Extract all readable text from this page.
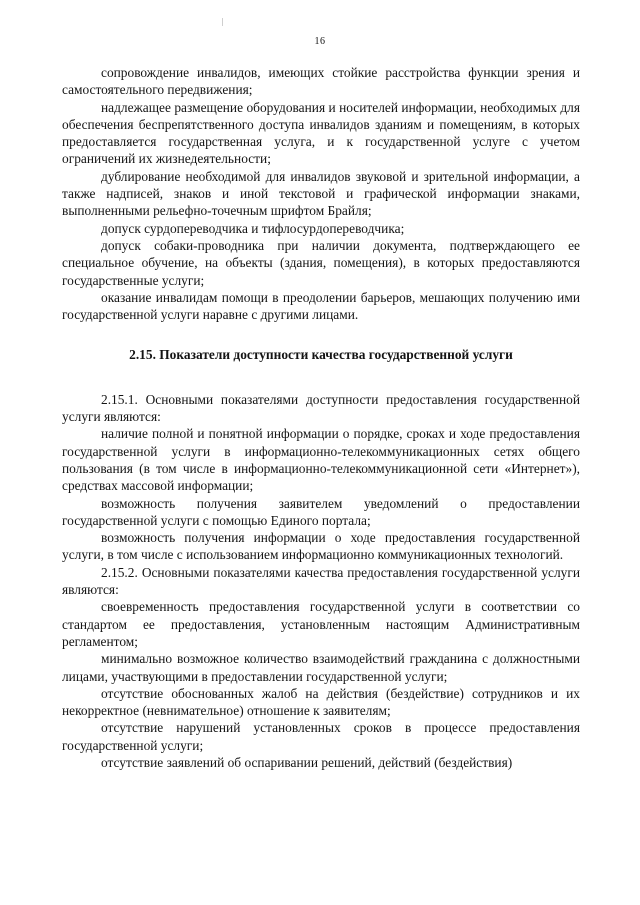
16

сопровождение инвалидов, имеющих стойкие расстройства функции зрения и самостоятельного передвижения;

надлежащее размещение оборудования и носителей информации, необходимых для обеспечения беспрепятственного доступа инвалидов зданиям и помещениям, в которых предоставляется государственная услуга, и к государственной услуге с учетом ограничений их жизнедеятельности;

дублирование необходимой для инвалидов звуковой и зрительной информации, а также надписей, знаков и иной текстовой и графической информации знаками, выполненными рельефно-точечным шрифтом Брайля;

допуск сурдопереводчика и тифлосурдопереводчика;

допуск собаки-проводника при наличии документа, подтверждающего ее специальное обучение, на объекты (здания, помещения), в которых предоставляются государственные услуги;

оказание инвалидам помощи в преодолении барьеров, мешающих получению ими государственной услуги наравне с другими лицами.

2.15. Показатели доступности качества государственной услуги

2.15.1. Основными показателями доступности предоставления государственной услуги являются:

наличие полной и понятной информации о порядке, сроках и ходе предоставления государственной услуги в информационно-телекоммуникационных сетях общего пользования (в том числе в информационно-телекоммуникационной сети «Интернет»), средствах массовой информации;

возможность получения заявителем уведомлений о предоставлении государственной услуги с помощью Единого портала;

возможность получения информации о ходе предоставления государственной услуги, в том числе с использованием информационно коммуникационных технологий.

2.15.2. Основными показателями качества предоставления государственной услуги являются:

своевременность предоставления государственной услуги в соответствии со стандартом ее предоставления, установленным настоящим Административным регламентом;

минимально возможное количество взаимодействий гражданина с должностными лицами, участвующими в предоставлении государственной услуги;

отсутствие обоснованных жалоб на действия (бездействие) сотрудников и их некорректное (невнимательное) отношение к заявителям;

отсутствие нарушений установленных сроков в процессе предоставления государственной услуги;

отсутствие заявлений об оспаривании решений, действий (бездействия)
